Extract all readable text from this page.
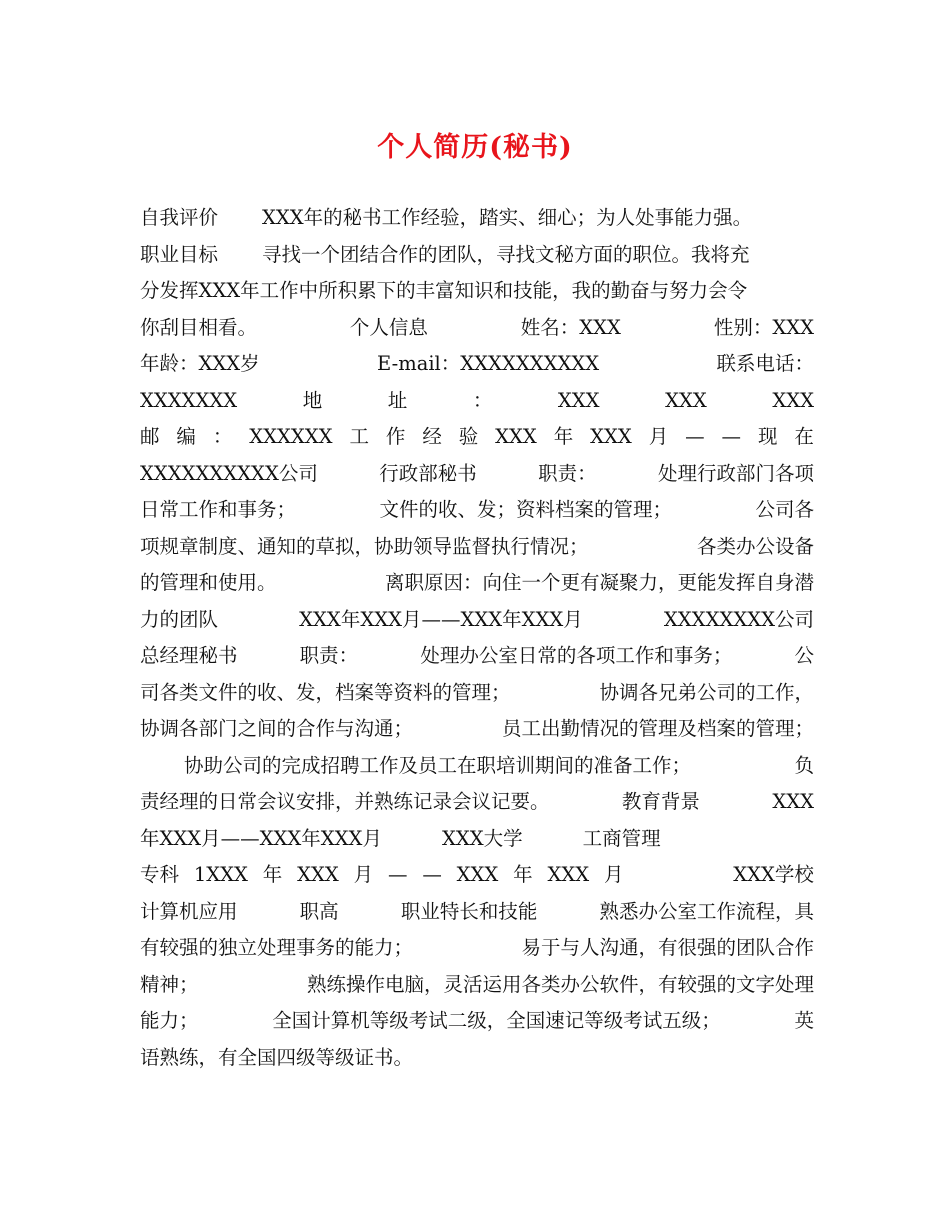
个人简历(秘书)
自我评价 XXX年的秘书工作经验，踏实、细心；为人处事能力强。
职业目标 寻找一个团结合作的团队，寻找文秘方面的职位。我将充
分发挥XXX年工作中所积累下的丰富知识和技能，我的勤奋与努力会令
你刮目相看。	个人信息	姓名：XXX	性别：XXX
年龄：XXX岁	E-mail：XXXXXXXXXX	联系电话：
XXXXXXX	地	址	：	XXX	XXX	XXX
邮 编 ： XXXXXX 工 作 经 验 XXX 年 XXX 月 — — 现 在
XXXXXXXXXX公司	行政部秘书	职责：	处理行政部门各项
日常工作和事务；	文件的收、发；资料档案的管理；	公司各
项规章制度、通知的草拟，协助领导监督执行情况；	各类办公设备
的管理和使用。	离职原因：向住一个更有凝聚力，更能发挥自身潜
力的团队	XXX年XXX月——XXX年XXX月	XXXXXXXX公司
总经理秘书	职责：	处理办公室日常的各项工作和事务；	公
司各类文件的收、发，档案等资料的管理；	协调各兄弟公司的工作，
协调各部门之间的合作与沟通；	员工出勤情况的管理及档案的管理；
协助公司的完成招聘工作及员工在职培训期间的准备工作；	负
责经理的日常会议安排，并熟练记录会议记要。	教育背景	XXX
年XXX月——XXX年XXX月	XXX大学	工商管理
专科 1XXX 年 XXX 月 — — XXX 年 XXX 月	XXX学校
计算机应用	职高	职业特长和技能	熟悉办公室工作流程，具
有较强的独立处理事务的能力；	易于与人沟通，有很强的团队合作
精神；	熟练操作电脑，灵活运用各类办公软件，有较强的文字处理
能力；	全国计算机等级考试二级，全国速记等级考试五级；	英
语熟练，有全国四级等级证书。
